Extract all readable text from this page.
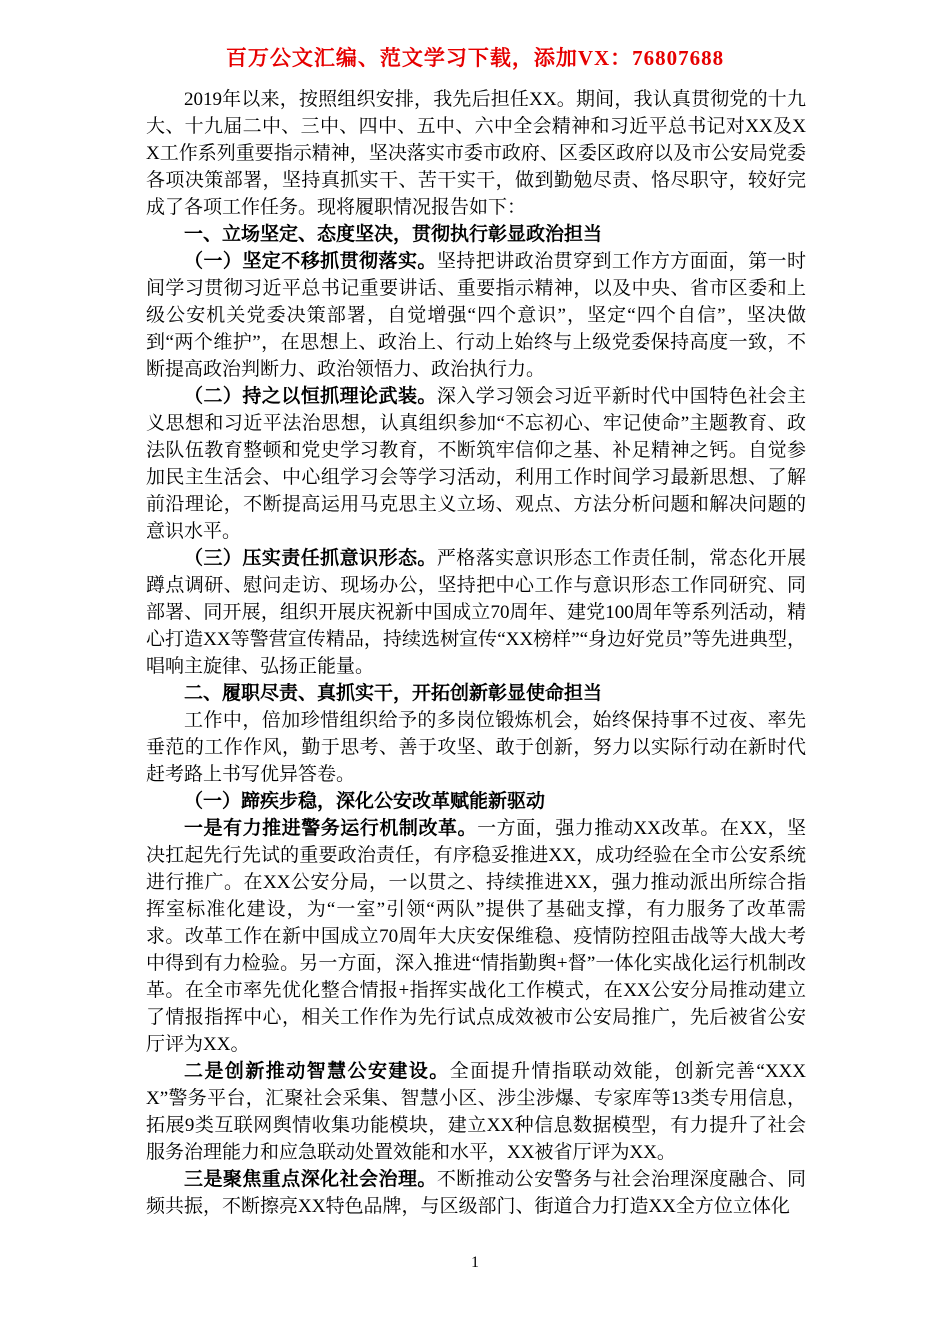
百万公文汇编、范文学习下载，添加VX：76807688

2019年以来，按照组织安排，我先后担任XX。期间，我认真贯彻党的十九大、十九届二中、三中、四中、五中、六中全会精神和习近平总书记对XX及XX工作系列重要指示精神，坚决落实市委市政府、区委区政府以及市公安局党委各项决策部署，坚持真抓实干、苦干实干，做到勤勉尽责、恪尽职守，较好完成了各项工作任务。现将履职情况报告如下：

一、立场坚定、态度坚决，贯彻执行彰显政治担当

（一）坚定不移抓贯彻落实。坚持把讲政治贯穿到工作方方面面，第一时间学习贯彻习近平总书记重要讲话、重要指示精神，以及中央、省市区委和上级公安机关党委决策部署，自觉增强“四个意识”，坚定“四个自信”，坚决做到“两个维护”，在思想上、政治上、行动上始终与上级党委保持高度一致，不断提高政治判断力、政治领悟力、政治执行力。

（二）持之以恒抓理论武装。深入学习领会习近平新时代中国特色社会主义思想和习近平法治思想，认真组织参加“不忘初心、牢记使命”主题教育、政法队伍教育整顿和党史学习教育，不断筑牢信仰之基、补足精神之钙。自觉参加民主生活会、中心组学习会等学习活动，利用工作时间学习最新思想、了解前沿理论，不断提高运用马克思主义立场、观点、方法分析问题和解决问题的意识水平。

（三）压实责任抓意识形态。严格落实意识形态工作责任制，常态化开展蹲点调研、慰问走访、现场办公，坚持把中心工作与意识形态工作同研究、同部署、同开展，组织开展庆祝新中国成立70周年、建党100周年等系列活动，精心打造XX等警营宣传精品，持续选树宣传“XX榜样”“身边好党员”等先进典型，唱响主旋律、弘扬正能量。

二、履职尽责、真抓实干，开拓创新彰显使命担当

工作中，倍加珍惜组织给予的多岗位锻炼机会，始终保持事不过夜、率先垂范的工作作风，勤于思考、善于攻坚、敢于创新，努力以实际行动在新时代赶考路上书写优异答卷。

（一）蹄疾步稳，深化公安改革赋能新驱动

一是有力推进警务运行机制改革。一方面，强力推动XX改革。在XX，坚决扛起先行先试的重要政治责任，有序稳妥推进XX，成功经验在全市公安系统进行推广。在XX公安分局，一以贯之、持续推进XX，强力推动派出所综合指挥室标准化建设，为“一室”引领“两队”提供了基础支撑，有力服务了改革需求。改革工作在新中国成立70周年大庆安保维稳、疫情防控阻击战等大战大考中得到有力检验。另一方面，深入推进“情指勤舆+督”一体化实战化运行机制改革。在全市率先优化整合情报+指挥实战化工作模式，在XX公安分局推动建立了情报指挥中心，相关工作作为先行试点成效被市公安局推广，先后被省公安厅评为XX。

二是创新推动智慧公安建设。全面提升情指联动效能，创新完善“XXXX”警务平台，汇聚社会采集、智慧小区、涉尘涉爆、专家库等13类专用信息，拓展9类互联网舆情收集功能模块，建立XX种信息数据模型，有力提升了社会服务治理能力和应急联动处置效能和水平，XX被省厅评为XX。

三是聚焦重点深化社会治理。不断推动公安警务与社会治理深度融合、同频共振，不断擦亮XX特色品牌，与区级部门、街道合力打造XX全方位立体化

1
